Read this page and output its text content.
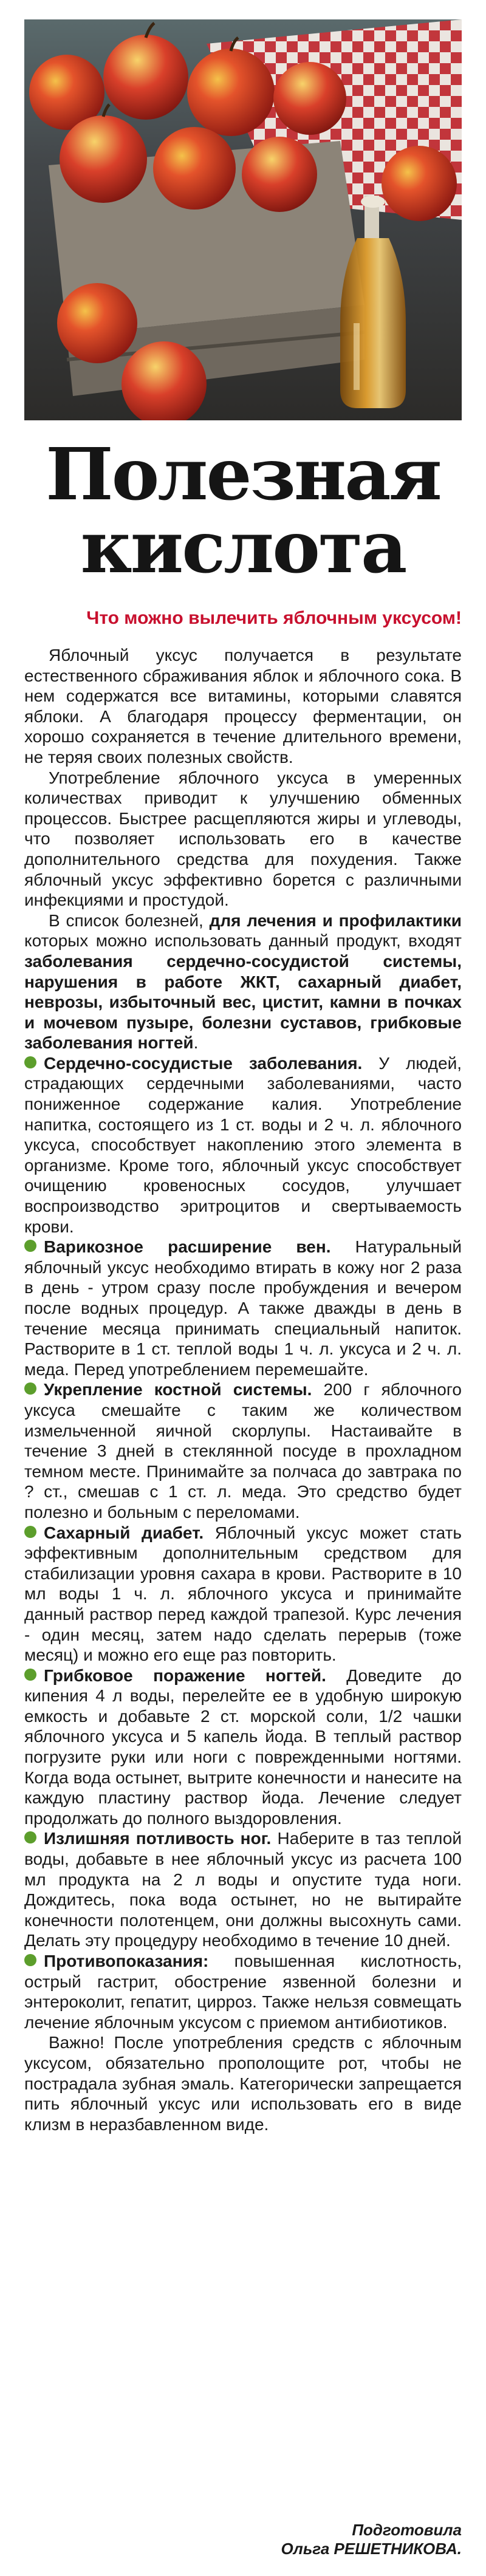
Полезная
кислота
Что можно вылечить яблочным уксусом!

Яблочный уксус получается в результате естественного сбраживания яблок и яблочного сока. В нем содержатся все витамины, которыми славятся яблоки. А благодаря процессу ферментации, он хорошо сохраняется в течение длительного времени, не теряя своих полезных свойств.

Употребление яблочного уксуса в умеренных количествах приводит к улучшению обменных процессов. Быстрее расщепляются жиры и углеводы, что позволяет использовать его в качестве дополнительного средства для похудения. Также яблочный уксус эффективно борется с различными инфекциями и простудой.

В список болезней, для лечения и профилактики которых можно использовать данный продукт, входят заболевания сердечно-сосудистой системы, нарушения в работе ЖКТ, сахарный диабет, неврозы, избыточный вес, цистит, камни в почках и мочевом пузыре, болезни суставов, грибковые заболевания ногтей.

Сердечно-сосудистые заболевания. У людей, страдающих сердечными заболеваниями, часто пониженное содержание калия. Употребление напитка, состоящего из 1 ст. воды и 2 ч. л. яблочного уксуса, способствует накоплению этого элемента в организме. Кроме того, яблочный уксус способствует очищению кровеносных сосудов, улучшает воспроизводство эритроцитов и свертываемость крови.

Варикозное расширение вен. Натуральный яблочный уксус необходимо втирать в кожу ног 2 раза в день - утром сразу после пробуждения и вечером после водных процедур. А также дважды в день в течение месяца принимать специальный напиток. Растворите в 1 ст. теплой воды 1 ч. л. уксуса и 2 ч. л. меда. Перед употреблением перемешайте.

Укрепление костной системы. 200 г яблочного уксуса смешайте с таким же количеством измельченной яичной скорлупы. Настаивайте в течение 3 дней в стеклянной посуде в прохладном темном месте. Принимайте за полчаса до завтрака по ? ст., смешав с 1 ст. л. меда. Это средство будет полезно и больным с переломами.

Сахарный диабет. Яблочный уксус может стать эффективным дополнительным средством для стабилизации уровня сахара в крови. Растворите в 10 мл воды 1 ч. л. яблочного уксуса и принимайте данный раствор перед каждой трапезой. Курс лечения - один месяц, затем надо сделать перерыв (тоже месяц) и можно его еще раз повторить.

Грибковое поражение ногтей. Доведите до кипения 4 л воды, перелейте ее в удобную широкую емкость и добавьте 2 ст. морской соли, 1/2 чашки яблочного уксуса и 5 капель йода. В теплый раствор погрузите руки или ноги с поврежденными ногтями. Когда вода остынет, вытрите конечности и нанесите на каждую пластину раствор йода. Лечение следует продолжать до полного выздоровления.

Излишняя потливость ног. Наберите в таз теплой воды, добавьте в нее яблочный уксус из расчета 100 мл продукта на 2 л воды и опустите туда ноги. Дождитесь, пока вода остынет, но не вытирайте конечности полотенцем, они должны высохнуть сами. Делать эту процедуру необходимо в течение 10 дней.

Противопоказания: повышенная кислотность, острый гастрит, обострение язвенной болезни и энтероколит, гепатит, цирроз. Также нельзя совмещать лечение яблочным уксусом с приемом антибиотиков.

Важно! После употребления средств с яблочным уксусом, обязательно прополощите рот, чтобы не пострадала зубная эмаль. Категорически запрещается пить яблочный уксус или использовать его в виде клизм в неразбавленном виде.

Подготовила
Ольга РЕШЕТНИКОВА.
